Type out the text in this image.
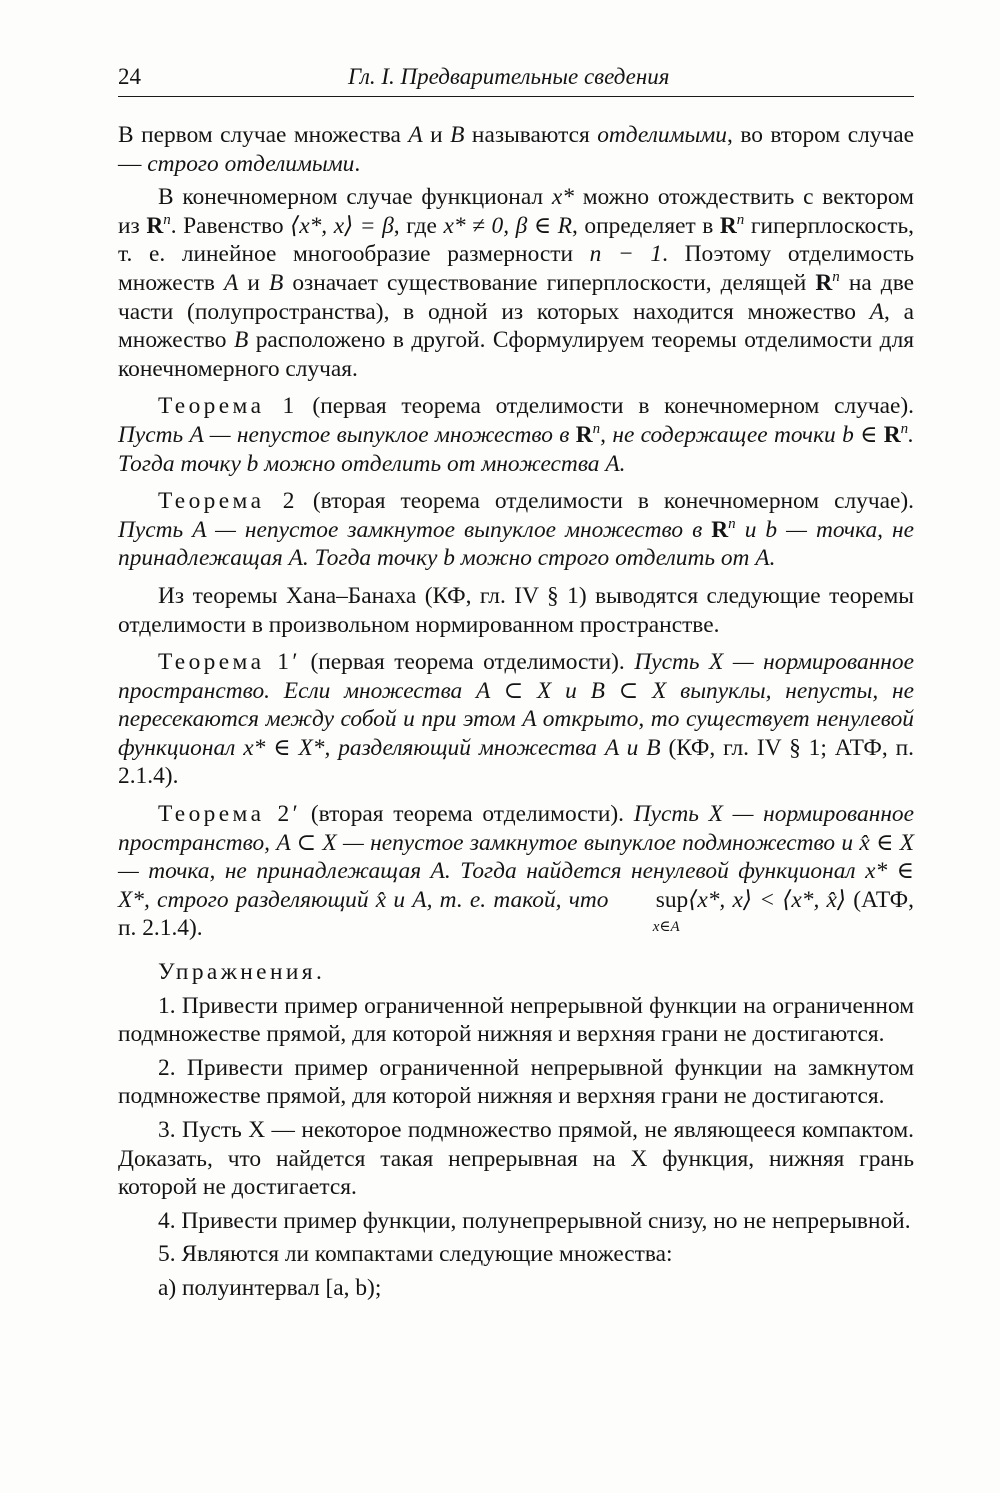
24	Гл. I. Предварительные сведения

В первом случае множества A и B называются отделимыми, во втором случае — строго отделимыми.

В конечномерном случае функционал x* можно отождествить с вектором из $R^n$. Равенство ⟨x*, x⟩ = β, где x* ≠ 0, β ∈ R, определяет в $R^n$ гиперплоскость, т. е. линейное многообразие размерности n − 1. Поэтому отделимость множеств A и B означает существование гиперплоскости, делящей $R^n$ на две части (полупространства), в одной из которых находится множество A, а множество B расположено в другой. Сформулируем теоремы отделимости для конечномерного случая.

Теорема 1 (первая теорема отделимости в конечномерном случае). Пусть A — непустое выпуклое множество в $R^n$, не содержащее точки b ∈ $R^n$. Тогда точку b можно отделить от множества A.

Теорема 2 (вторая теорема отделимости в конечномерном случае). Пусть A — непустое замкнутое выпуклое множество в $R^n$ и b — точка, не принадлежащая A. Тогда точку b можно строго отделить от A.

Из теоремы Хана–Банаха (КФ, гл. IV § 1) выводятся следующие теоремы отделимости в произвольном нормированном пространстве.

Теорема 1′ (первая теорема отделимости). Пусть X — нормированное пространство. Если множества A ⊂ X и B ⊂ X выпуклы, непусты, не пересекаются между собой и при этом A открыто, то существует ненулевой функционал x* ∈ X*, разделяющий множества A и B (КФ, гл. IV § 1; АТФ, п. 2.1.4).

Теорема 2′ (вторая теорема отделимости). Пусть X — нормированное пространство, A ⊂ X — непустое замкнутое выпуклое подмножество и x̂ ∈ X — точка, не принадлежащая A. Тогда найдется ненулевой функционал x* ∈ X*, строго разделяющий x̂ и A, т. е. такой, что sup
x∈A
⟨x*, x⟩ < ⟨x*, x̂⟩ (АТФ, п. 2.1.4).

Упражнения.

1. Привести пример ограниченной непрерывной функции на ограниченном подмножестве прямой, для которой нижняя и верхняя грани не достигаются.

2. Привести пример ограниченной непрерывной функции на замкнутом подмножестве прямой, для которой нижняя и верхняя грани не достигаются.

3. Пусть X — некоторое подмножество прямой, не являющееся компактом. Доказать, что найдется такая непрерывная на X функция, нижняя грань которой не достигается.

4. Привести пример функции, полунепрерывной снизу, но не непрерывной.

5. Являются ли компактами следующие множества:

а) полуинтервал [a, b);
